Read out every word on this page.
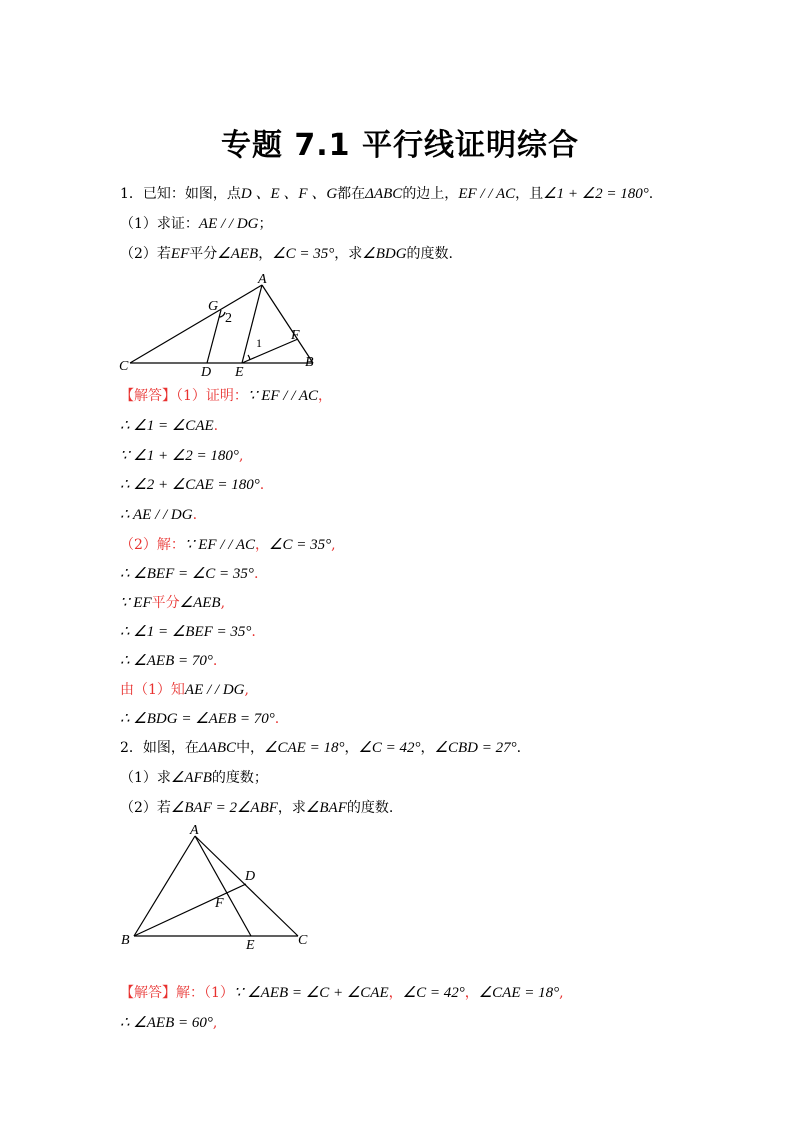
专题 7.1 平行线证明综合
1．已知：如图，点D 、E 、F 、G都在ΔABC的边上，EF / / AC，且∠1 + ∠2 = 180°.
（1）求证：AE / / DG；
（2）若EF平分∠AEB，∠C = 35°，求∠BDG的度数.
A
G
2
F
1
C	D E
B
【解答】（1）证明：∵ EF / / AC，
∴ ∠1 = ∠CAE.
∵ ∠1 + ∠2 = 180°,
∴ ∠2 + ∠CAE = 180°.
∴ AE / / DG.
（2）解：∵ EF / / AC，∠C = 35°,
∴ ∠BEF = ∠C = 35°.
∵ EF平分∠AEB,
∴ ∠1 = ∠BEF = 35°.
∴ ∠AEB = 70°.
由（1）知AE / / DG,
∴ ∠BDG = ∠AEB = 70°.
2．如图，在ΔABC中，∠CAE = 18°，∠C = 42°，∠CBD = 27°.
（1）求∠AFB的度数；
（2）若∠BAF = 2∠ABF，求∠BAF的度数.
A
D
F
B	E	C
【解答】解：（1）∵ ∠AEB = ∠C + ∠CAE，∠C = 42°，∠CAE = 18°,
∴ ∠AEB = 60°,
